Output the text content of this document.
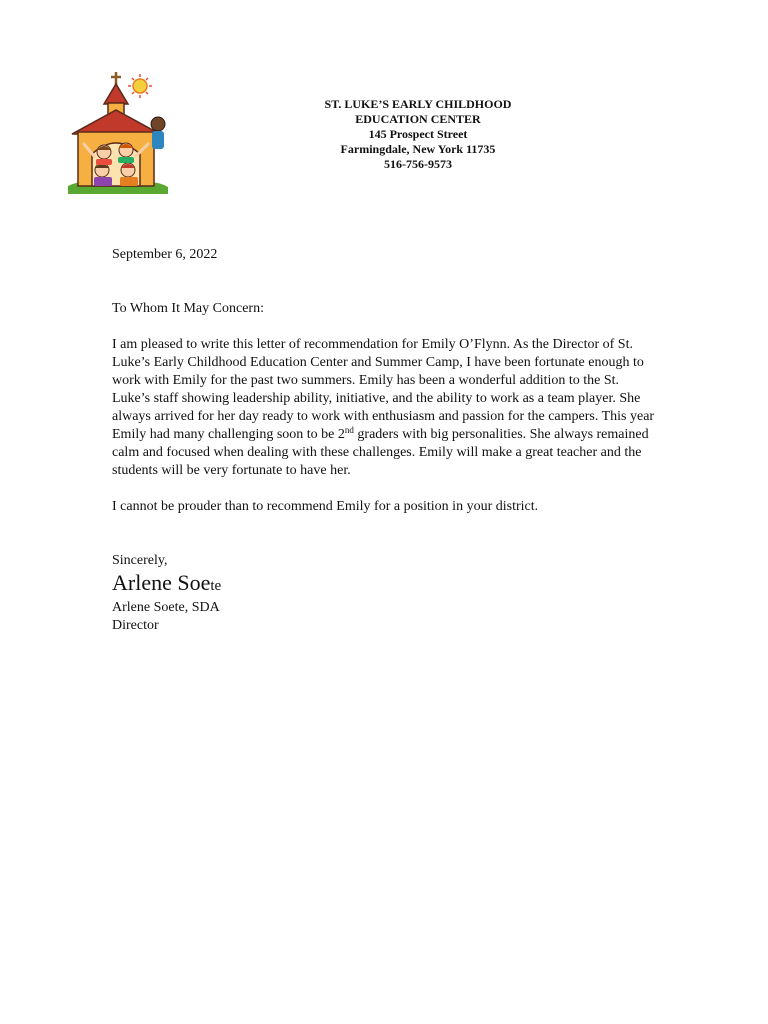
ST. LUKE’S EARLY CHILDHOOD
EDUCATION CENTER
145 Prospect Street
Farmingdale, New York 11735
516-756-9573

September 6, 2022

To Whom It May Concern:

I am pleased to write this letter of recommendation for Emily O’Flynn. As the Director of St. Luke’s Early Childhood Education Center and Summer Camp, I have been fortunate enough to work with Emily for the past two summers. Emily has been a wonderful addition to the St. Luke’s staff showing leadership ability, initiative, and the ability to work as a team player. She always arrived for her day ready to work with enthusiasm and passion for the campers. This year Emily had many challenging soon to be 2nd graders with big personalities. She always remained calm and focused when dealing with these challenges. Emily will make a great teacher and the students will be very fortunate to have her.

I cannot be prouder than to recommend Emily for a position in your district.

Sincerely,

Arlene Soete

Arlene Soete, SDA

Director
